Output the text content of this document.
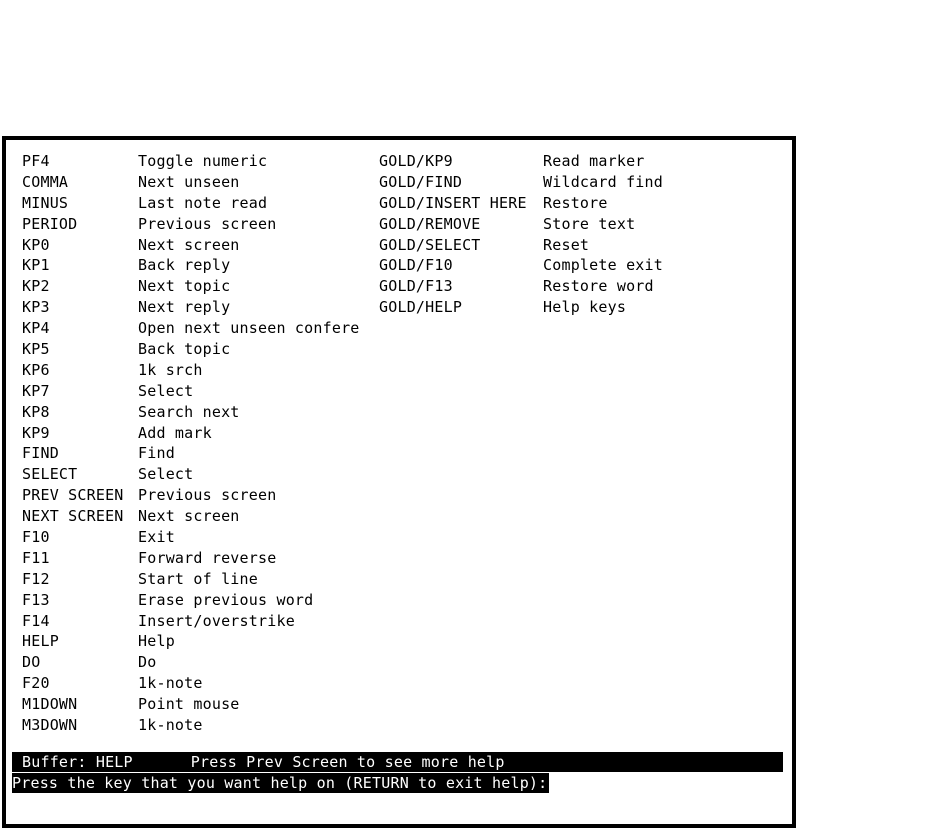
PF4
COMMA
MINUS
PERIOD
KP0
KP1
KP2
KP3
KP4
KP5
KP6
KP7
KP8
KP9
FIND
SELECT
PREV SCREEN
NEXT SCREEN
F10
F11
F12
F13
F14
HELP
DO
F20
M1DOWN
M3DOWN
Toggle numeric
Next unseen
Last note read
Previous screen
Next screen
Back reply
Next topic
Next reply
Open next unseen confere
Back topic
1k srch
Select
Search next
Add mark
Find
Select
Previous screen
Next screen
Exit
Forward reverse
Start of line
Erase previous word
Insert/overstrike
Help
Do
1k-note
Point mouse
1k-note
GOLD/KP9
GOLD/FIND
GOLD/INSERT HERE
GOLD/REMOVE
GOLD/SELECT
GOLD/F10
GOLD/F13
GOLD/HELP
Read marker
Wildcard find
Restore
Store text
Reset
Complete exit
Restore word
Help keys
Buffer: HELP	Press Prev Screen to see more help
Press the key that you want help on (RETURN to exit help):
